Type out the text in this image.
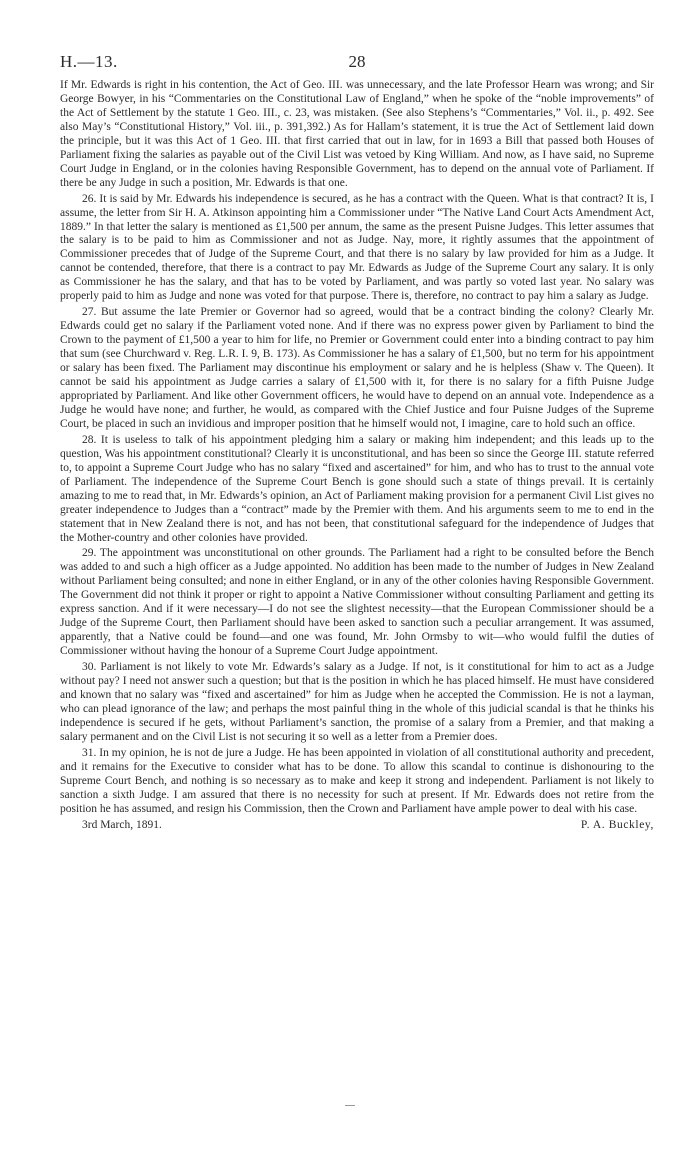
H.—13.	28

If Mr. Edwards is right in his contention, the Act of Geo. III. was unnecessary, and the late Professor Hearn was wrong; and Sir George Bowyer, in his “Commentaries on the Constitutional Law of England,” when he spoke of the “noble improvements” of the Act of Settlement by the statute 1 Geo. III., c. 23, was mistaken. (See also Stephens’s “Commentaries,” Vol. ii., p. 492. See also May’s “Constitutional History,” Vol. iii., p. 391,392.) As for Hallam’s statement, it is true the Act of Settlement laid down the principle, but it was this Act of 1 Geo. III. that first carried that out in law, for in 1693 a Bill that passed both Houses of Parliament fixing the salaries as payable out of the Civil List was vetoed by King William. And now, as I have said, no Supreme Court Judge in England, or in the colonies having Responsible Government, has to depend on the annual vote of Parliament. If there be any Judge in such a position, Mr. Edwards is that one.

26. It is said by Mr. Edwards his independence is secured, as he has a contract with the Queen. What is that contract? It is, I assume, the letter from Sir H. A. Atkinson appointing him a Commissioner under “The Native Land Court Acts Amendment Act, 1889.” In that letter the salary is mentioned as £1,500 per annum, the same as the present Puisne Judges. This letter assumes that the salary is to be paid to him as Commissioner and not as Judge. Nay, more, it rightly assumes that the appointment of Commissioner precedes that of Judge of the Supreme Court, and that there is no salary by law provided for him as a Judge. It cannot be contended, therefore, that there is a contract to pay Mr. Edwards as Judge of the Supreme Court any salary. It is only as Commissioner he has the salary, and that has to be voted by Parliament, and was partly so voted last year. No salary was properly paid to him as Judge and none was voted for that purpose. There is, therefore, no contract to pay him a salary as Judge.

27. But assume the late Premier or Governor had so agreed, would that be a contract binding the colony? Clearly Mr. Edwards could get no salary if the Parliament voted none. And if there was no express power given by Parliament to bind the Crown to the payment of £1,500 a year to him for life, no Premier or Government could enter into a binding contract to pay him that sum (see Churchward v. Reg. L.R. I. 9, B. 173). As Commissioner he has a salary of £1,500, but no term for his appointment or salary has been fixed. The Parliament may discontinue his employment or salary and he is helpless (Shaw v. The Queen). It cannot be said his appointment as Judge carries a salary of £1,500 with it, for there is no salary for a fifth Puisne Judge appropriated by Parliament. And like other Government officers, he would have to depend on an annual vote. Independence as a Judge he would have none; and further, he would, as compared with the Chief Justice and four Puisne Judges of the Supreme Court, be placed in such an invidious and improper position that he himself would not, I imagine, care to hold such an office.

28. It is useless to talk of his appointment pledging him a salary or making him independent; and this leads up to the question, Was his appointment constitutional? Clearly it is unconstitutional, and has been so since the George III. statute referred to, to appoint a Supreme Court Judge who has no salary “fixed and ascertained” for him, and who has to trust to the annual vote of Parliament. The independence of the Supreme Court Bench is gone should such a state of things prevail. It is certainly amazing to me to read that, in Mr. Edwards’s opinion, an Act of Parliament making provision for a permanent Civil List gives no greater independence to Judges than a “contract” made by the Premier with them. And his arguments seem to me to end in the statement that in New Zealand there is not, and has not been, that constitutional safeguard for the independence of Judges that the Mother-country and other colonies have provided.

29. The appointment was unconstitutional on other grounds. The Parliament had a right to be consulted before the Bench was added to and such a high officer as a Judge appointed. No addition has been made to the number of Judges in New Zealand without Parliament being consulted; and none in either England, or in any of the other colonies having Responsible Government. The Government did not think it proper or right to appoint a Native Commissioner without consulting Parliament and getting its express sanction. And if it were necessary—I do not see the slightest necessity—that the European Commissioner should be a Judge of the Supreme Court, then Parliament should have been asked to sanction such a peculiar arrangement. It was assumed, apparently, that a Native could be found—and one was found, Mr. John Ormsby to wit—who would fulfil the duties of Commissioner without having the honour of a Supreme Court Judge appointment.

30. Parliament is not likely to vote Mr. Edwards’s salary as a Judge. If not, is it constitutional for him to act as a Judge without pay? I need not answer such a question; but that is the position in which he has placed himself. He must have considered and known that no salary was “fixed and ascertained” for him as Judge when he accepted the Commission. He is not a layman, who can plead ignorance of the law; and perhaps the most painful thing in the whole of this judicial scandal is that he thinks his independence is secured if he gets, without Parliament’s sanction, the promise of a salary from a Premier, and that making a salary permanent and on the Civil List is not securing it so well as a letter from a Premier does.

31. In my opinion, he is not de jure a Judge. He has been appointed in violation of all constitutional authority and precedent, and it remains for the Executive to consider what has to be done. To allow this scandal to continue is dishonouring to the Supreme Court Bench, and nothing is so necessary as to make and keep it strong and independent. Parliament is not likely to sanction a sixth Judge. I am assured that there is no necessity for such at present. If Mr. Edwards does not retire from the position he has assumed, and resign his Commission, then the Crown and Parliament have ample power to deal with his case.

3rd March, 1891.	P. A. Buckley,
